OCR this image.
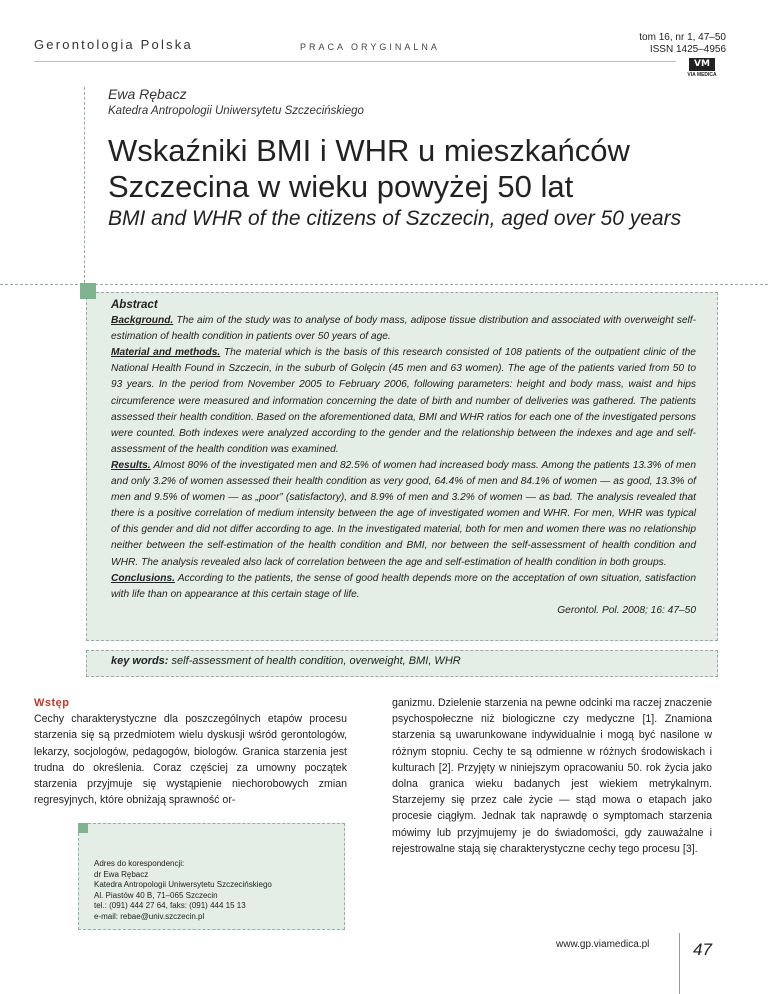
Gerontologia Polska	PRACA ORYGINALNA
tom 16, nr 1, 47–50
ISSN 1425–4956
VM
VIA MEDICA
Ewa Rębacz
Katedra Antropologii Uniwersytetu Szczecińskiego
Wskaźniki BMI i WHR u mieszkańców Szczecina w wieku powyżej 50 lat
BMI and WHR of the citizens of Szczecin, aged over 50 years

Abstract

Background. The aim of the study was to analyse of body mass, adipose tissue distribution and associated with overweight self-estimation of health condition in patients over 50 years of age.

Material and methods. The material which is the basis of this research consisted of 108 patients of the outpatient clinic of the National Health Found in Szczecin, in the suburb of Golęcin (45 men and 63 women). The age of the patients varied from 50 to 93 years. In the period from November 2005 to February 2006, following parameters: height and body mass, waist and hips circumference were measured and information concerning the date of birth and number of deliveries was gathered. The patients assessed their health condition. Based on the aforementioned data, BMI and WHR ratios for each one of the investigated persons were counted. Both indexes were analyzed according to the gender and the relationship between the indexes and age and self-assessment of the health condition was examined.

Results. Almost 80% of the investigated men and 82.5% of women had increased body mass. Among the patients 13.3% of men and only 3.2% of women assessed their health condition as very good, 64.4% of men and 84.1% of women — as good, 13.3% of men and 9.5% of women — as „poor” (satisfactory), and 8.9% of men and 3.2% of women — as bad. The analysis revealed that there is a positive correlation of medium intensity between the age of investigated women and WHR. For men, WHR was typical of this gender and did not differ according to age. In the investigated material, both for men and women there was no relationship neither between the self-estimation of the health condition and BMI, nor between the self-assessment of health condition and WHR. The analysis revealed also lack of correlation between the age and self-estimation of health condition in both groups.

Conclusions. According to the patients, the sense of good health depends more on the acceptation of own situation, satisfaction with life than on appearance at this certain stage of life.

Gerontol. Pol. 2008; 16: 47–50

key words: self-assessment of health condition, overweight, BMI, WHR
Wstęp
Cechy charakterystyczne dla poszczególnych etapów procesu starzenia się są przedmiotem wielu dyskusji wśród gerontologów, lekarzy, socjologów, pedagogów, biologów. Granica starzenia jest trudna do określenia. Coraz częściej za umowny początek starzenia przyjmuje się wystąpienie niechorobowych zmian regresyjnych, które obniżają sprawność or-
Adres do korespondencji:
dr Ewa Rębacz
Katedra Antropologii Uniwersytetu Szczecińskiego
Al. Piastów 40 B, 71–065 Szczecin
tel.: (091) 444 27 64, faks: (091) 444 15 13
e-mail: rebae@univ.szczecin.pl
ganizmu. Dzielenie starzenia na pewne odcinki ma raczej znaczenie psychospołeczne niż biologiczne czy medyczne [1]. Znamiona starzenia są uwarunkowane indywidualnie i mogą być nasilone w różnym stopniu. Cechy te są odmienne w różnych środowiskach i kulturach [2]. Przyjęty w niniejszym opracowaniu 50. rok życia jako dolna granica wieku badanych jest wiekiem metrykalnym. Starzejemy się przez całe życie — stąd mowa o etapach jako procesie ciągłym. Jednak tak naprawdę o symptomach starzenia mówimy lub przyjmujemy je do świadomości, gdy zauważalne i rejestrowalne stają się charakterystyczne cechy tego procesu [3].
www.gp.viamedica.pl	47
